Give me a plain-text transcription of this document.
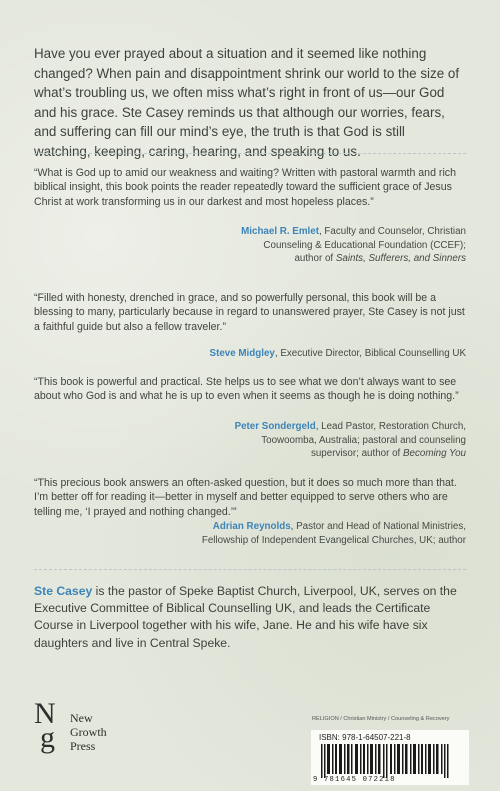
Have you ever prayed about a situation and it seemed like nothing changed? When pain and disappointment shrink our world to the size of what’s troubling us, we often miss what’s right in front of us—our God and his grace. Ste Casey reminds us that although our worries, fears, and suffering can fill our mind’s eye, the truth is that God is still watching, keeping, caring, hearing, and speaking to us.
“What is God up to amid our weakness and waiting? Written with pastoral warmth and rich biblical insight, this book points the reader repeatedly toward the sufficient grace of Jesus Christ at work transforming us in our darkest and most hopeless places.”
Michael R. Emlet, Faculty and Counselor, Christian
Counseling & Educational Foundation (CCEF);
author of Saints, Sufferers, and Sinners
“Filled with honesty, drenched in grace, and so powerfully personal, this book will be a blessing to many, particularly because in regard to unanswered prayer, Ste Casey is not just a faithful guide but also a fellow traveler.”
Steve Midgley, Executive Director, Biblical Counselling UK
“This book is powerful and practical. Ste helps us to see what we don’t always want to see about who God is and what he is up to even when it seems as though he is doing nothing.”
Peter Sondergeld, Lead Pastor, Restoration Church,
Toowoomba, Australia; pastoral and counseling
supervisor; author of Becoming You
“This precious book answers an often-asked question, but it does so much more than that. I’m better off for reading it—better in myself and better equipped to serve others who are telling me, ‘I prayed and nothing changed.’”
Adrian Reynolds, Pastor and Head of National Ministries,
Fellowship of Independent Evangelical Churches, UK; author
Ste Casey is the pastor of Speke Baptist Church, Liverpool, UK, serves on the Executive Committee of Biblical Counselling UK, and leads the Certificate Course in Liverpool together with his wife, Jane. He and his wife have six daughters and live in Central Speke.
N
g
New
Growth
Press
RELIGION / Christian Ministry / Counseling & Recovery
ISBN: 978-1-64507-221-8
9 781645 072218
